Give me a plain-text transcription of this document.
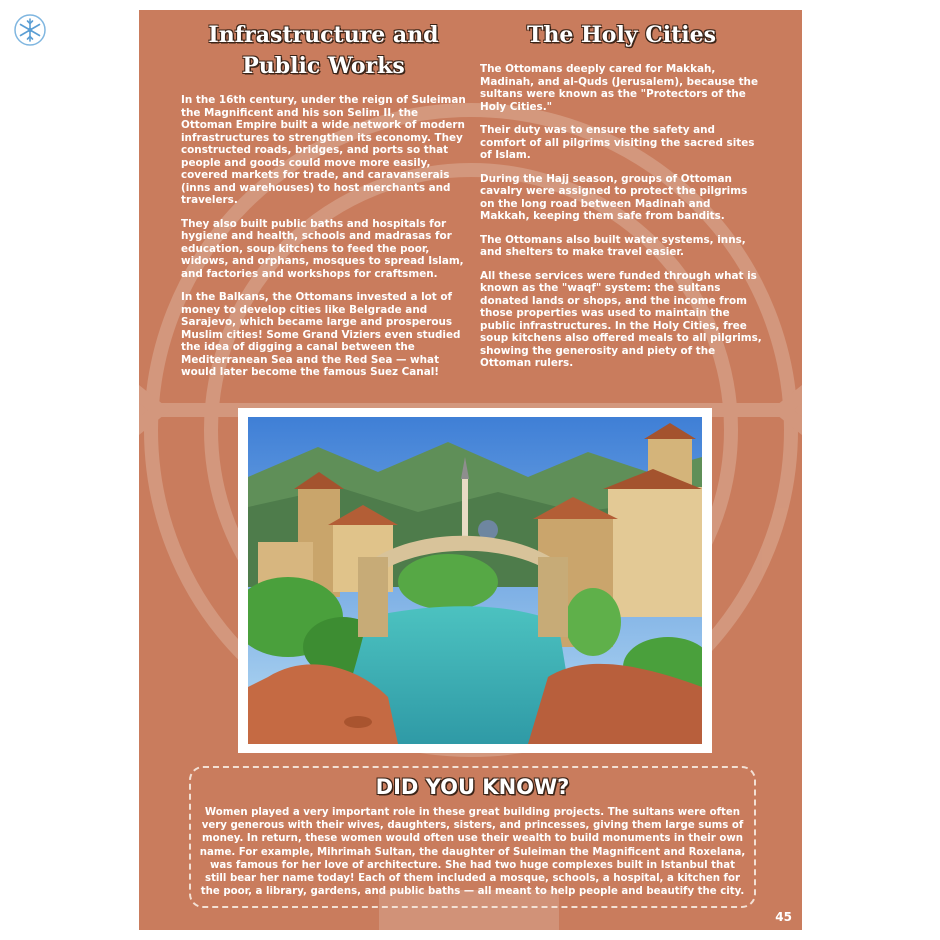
Infrastructure and Public Works

In the 16th century, under the reign of Suleiman the Magnificent and his son Selim II, the Ottoman Empire built a wide network of modern infrastructures to strengthen its economy. They constructed roads, bridges, and ports so that people and goods could move more easily, covered markets for trade, and caravanserais (inns and warehouses) to host merchants and travelers.

They also built public baths and hospitals for hygiene and health, schools and madrasas for education, soup kitchens to feed the poor, widows, and orphans, mosques to spread Islam, and factories and workshops for craftsmen.

In the Balkans, the Ottomans invested a lot of money to develop cities like Belgrade and Sarajevo, which became large and prosperous Muslim cities! Some Grand Viziers even studied the idea of digging a canal between the Mediterranean Sea and the Red Sea — what would later become the famous Suez Canal!

The Holy Cities

The Ottomans deeply cared for Makkah, Madinah, and al-Quds (Jerusalem), because the sultans were known as the "Protectors of the Holy Cities."

Their duty was to ensure the safety and comfort of all pilgrims visiting the sacred sites of Islam.

During the Hajj season, groups of Ottoman cavalry were assigned to protect the pilgrims on the long road between Madinah and Makkah, keeping them safe from bandits.

The Ottomans also built water systems, inns, and shelters to make travel easier.

All these services were funded through what is known as the "waqf" system: the sultans donated lands or shops, and the income from those properties was used to maintain the public infrastructures. In the Holy Cities, free soup kitchens also offered meals to all pilgrims, showing the generosity and piety of the Ottoman rulers.

DID YOU KNOW?

Women played a very important role in these great building projects. The sultans were often very generous with their wives, daughters, sisters, and princesses, giving them large sums of money. In return, these women would often use their wealth to build monuments in their own name. For example, Mihrimah Sultan, the daughter of Suleiman the Magnificent and Roxelana, was famous for her love of architecture. She had two huge complexes built in Istanbul that still bear her name today! Each of them included a mosque, schools, a hospital, a kitchen for the poor, a library, gardens, and public baths — all meant to help people and beautify the city.

45
